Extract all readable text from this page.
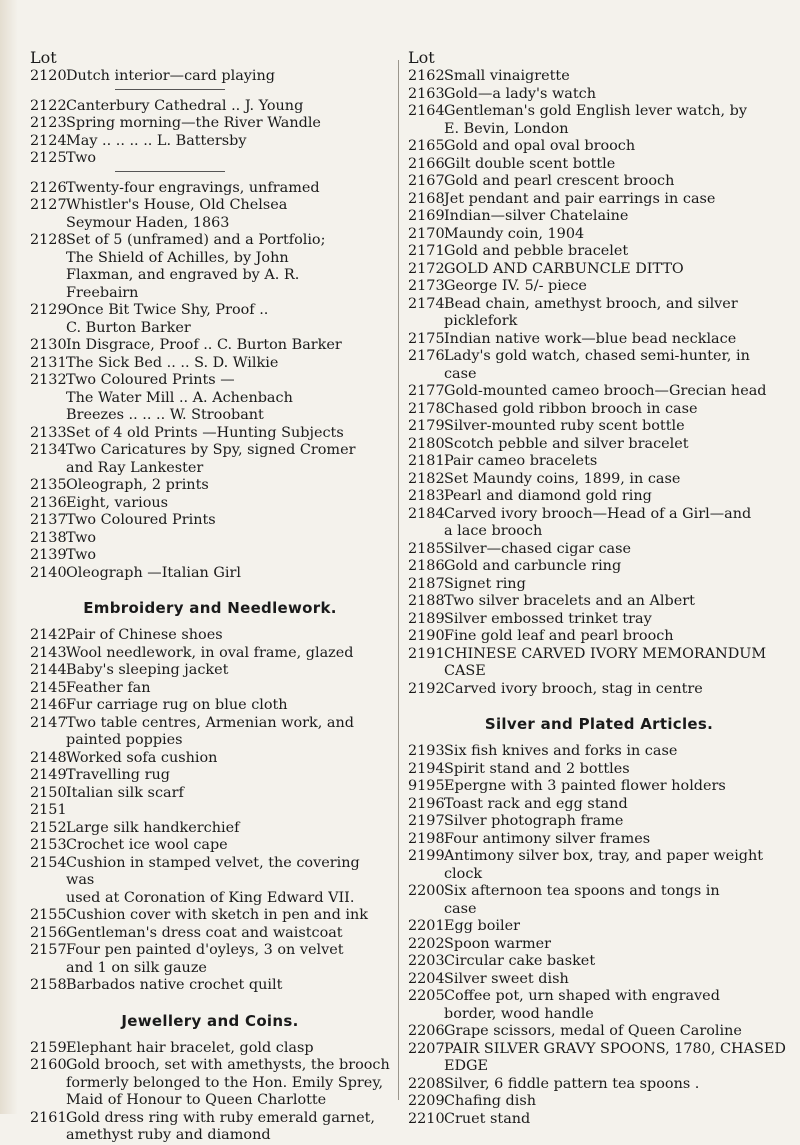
Lot
2120 Dutch interior—card playing
2122 Canterbury Cathedral .. J. Young
2123 Spring morning—the River Wandle
2124 May .. .. .. .. L. Battersby
2125 Two
2126 Twenty-four engravings, unframed
2127 Whistler's House, Old Chelsea
Seymour Haden, 1863
2128 Set of 5 (unframed) and a Portfolio;
The Shield of Achilles, by John
Flaxman, and engraved by A. R.
Freebairn
2129 Once Bit Twice Shy, Proof ..
C. Burton Barker
2130 In Disgrace, Proof .. C. Burton Barker
2131 The Sick Bed .. .. S. D. Wilkie
2132 Two Coloured Prints —
The Water Mill .. A. Achenbach
Breezes .. .. .. W. Stroobant
2133 Set of 4 old Prints —Hunting Subjects
2134 Two Caricatures by Spy, signed Cromer
and Ray Lankester
2135 Oleograph, 2 prints
2136 Eight, various
2137 Two Coloured Prints
2138 Two
2139 Two
2140 Oleograph —Italian Girl
Embroidery and Needlework.
2142 Pair of Chinese shoes
2143 Wool needlework, in oval frame, glazed
2144 Baby's sleeping jacket
2145 Feather fan
2146 Fur carriage rug on blue cloth
2147 Two table centres, Armenian work, and
painted poppies
2148 Worked sofa cushion
2149 Travelling rug
2150 Italian silk scarf
2151
2152 Large silk handkerchief
2153 Crochet ice wool cape
2154 Cushion in stamped velvet, the covering was
used at Coronation of King Edward VII.
2155 Cushion cover with sketch in pen and ink
2156 Gentleman's dress coat and waistcoat
2157 Four pen painted d'oyleys, 3 on velvet
and 1 on silk gauze
2158 Barbados native crochet quilt
Jewellery and Coins.
2159 Elephant hair bracelet, gold clasp
2160 Gold brooch, set with amethysts, the brooch
formerly belonged to the Hon. Emily Sprey,
Maid of Honour to Queen Charlotte
2161 Gold dress ring with ruby emerald garnet,
amethyst ruby and diamond
Lot
2162 Small vinaigrette
2163 Gold—a lady's watch
2164 Gentleman's gold English lever watch, by
E. Bevin, London
2165 Gold and opal oval brooch
2166 Gilt double scent bottle
2167 Gold and pearl crescent brooch
2168 Jet pendant and pair earrings in case
2169 Indian—silver Chatelaine
2170 Maundy coin, 1904
2171 Gold and pebble bracelet
2172 GOLD AND CARBUNCLE DITTO
2173 George IV. 5/- piece
2174 Bead chain, amethyst brooch, and silver
picklefork
2175 Indian native work—blue bead necklace
2176 Lady's gold watch, chased semi-hunter, in
case
2177 Gold-mounted cameo brooch—Grecian head
2178 Chased gold ribbon brooch in case
2179 Silver-mounted ruby scent bottle
2180 Scotch pebble and silver bracelet
2181 Pair cameo bracelets
2182 Set Maundy coins, 1899, in case
2183 Pearl and diamond gold ring
2184 Carved ivory brooch—Head of a Girl—and
a lace brooch
2185 Silver—chased cigar case
2186 Gold and carbuncle ring
2187 Signet ring
2188 Two silver bracelets and an Albert
2189 Silver embossed trinket tray
2190 Fine gold leaf and pearl brooch
2191 CHINESE CARVED IVORY MEMORANDUM
CASE
2192 Carved ivory brooch, stag in centre
Silver and Plated Articles.
2193 Six fish knives and forks in case
2194 Spirit stand and 2 bottles
9195 Epergne with 3 painted flower holders
2196 Toast rack and egg stand
2197 Silver photograph frame
2198 Four antimony silver frames
2199 Antimony silver box, tray, and paper weight
clock
2200 Six afternoon tea spoons and tongs in
case
2201 Egg boiler
2202 Spoon warmer
2203 Circular cake basket
2204 Silver sweet dish
2205 Coffee pot, urn shaped with engraved
border, wood handle
2206 Grape scissors, medal of Queen Caroline
2207 PAIR SILVER GRAVY SPOONS, 1780, CHASED
EDGE
2208 Silver, 6 fiddle pattern tea spoons .
2209 Chafing dish
2210 Cruet stand
